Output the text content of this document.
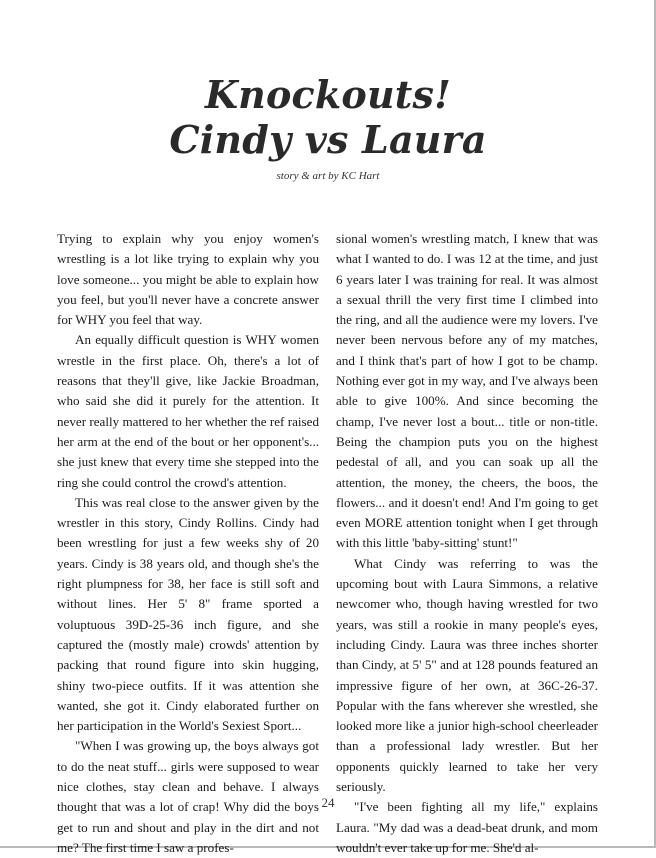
Knockouts!
Cindy vs Laura
story & art by KC Hart

Trying to explain why you enjoy women's wrestling is a lot like trying to explain why you love someone... you might be able to explain how you feel, but you'll never have a concrete answer for WHY you feel that way.

An equally difficult question is WHY women wrestle in the first place. Oh, there's a lot of reasons that they'll give, like Jackie Broadman, who said she did it purely for the attention. It never really mattered to her whether the ref raised her arm at the end of the bout or her opponent's... she just knew that every time she stepped into the ring she could control the crowd's attention.

This was real close to the answer given by the wrestler in this story, Cindy Rollins. Cindy had been wrestling for just a few weeks shy of 20 years. Cindy is 38 years old, and though she's the right plumpness for 38, her face is still soft and without lines. Her 5' 8" frame sported a voluptuous 39D-25-36 inch figure, and she captured the (mostly male) crowds' attention by packing that round figure into skin hugging, shiny two-piece outfits. If it was attention she wanted, she got it. Cindy elaborated further on her participation in the World's Sexiest Sport...

"When I was growing up, the boys always got to do the neat stuff... girls were supposed to wear nice clothes, stay clean and behave. I always thought that was a lot of crap! Why did the boys get to run and shout and play in the dirt and not me? The first time I saw a profes-

sional women's wrestling match, I knew that was what I wanted to do. I was 12 at the time, and just 6 years later I was training for real. It was almost a sexual thrill the very first time I climbed into the ring, and all the audience were my lovers. I've never been nervous before any of my matches, and I think that's part of how I got to be champ. Nothing ever got in my way, and I've always been able to give 100%. And since becoming the champ, I've never lost a bout... title or non-title. Being the champion puts you on the highest pedestal of all, and you can soak up all the attention, the money, the cheers, the boos, the flowers... and it doesn't end! And I'm going to get even MORE attention tonight when I get through with this little 'baby-sitting' stunt!"

What Cindy was referring to was the upcoming bout with Laura Simmons, a relative newcomer who, though having wrestled for two years, was still a rookie in many people's eyes, including Cindy. Laura was three inches shorter than Cindy, at 5' 5" and at 128 pounds featured an impressive figure of her own, at 36C-26-37. Popular with the fans wherever she wrestled, she looked more like a junior high-school cheerleader than a professional lady wrestler. But her opponents quickly learned to take her very seriously.

"I've been fighting all my life," explains Laura. "My dad was a dead-beat drunk, and mom wouldn't ever take up for me. She'd al-

24
